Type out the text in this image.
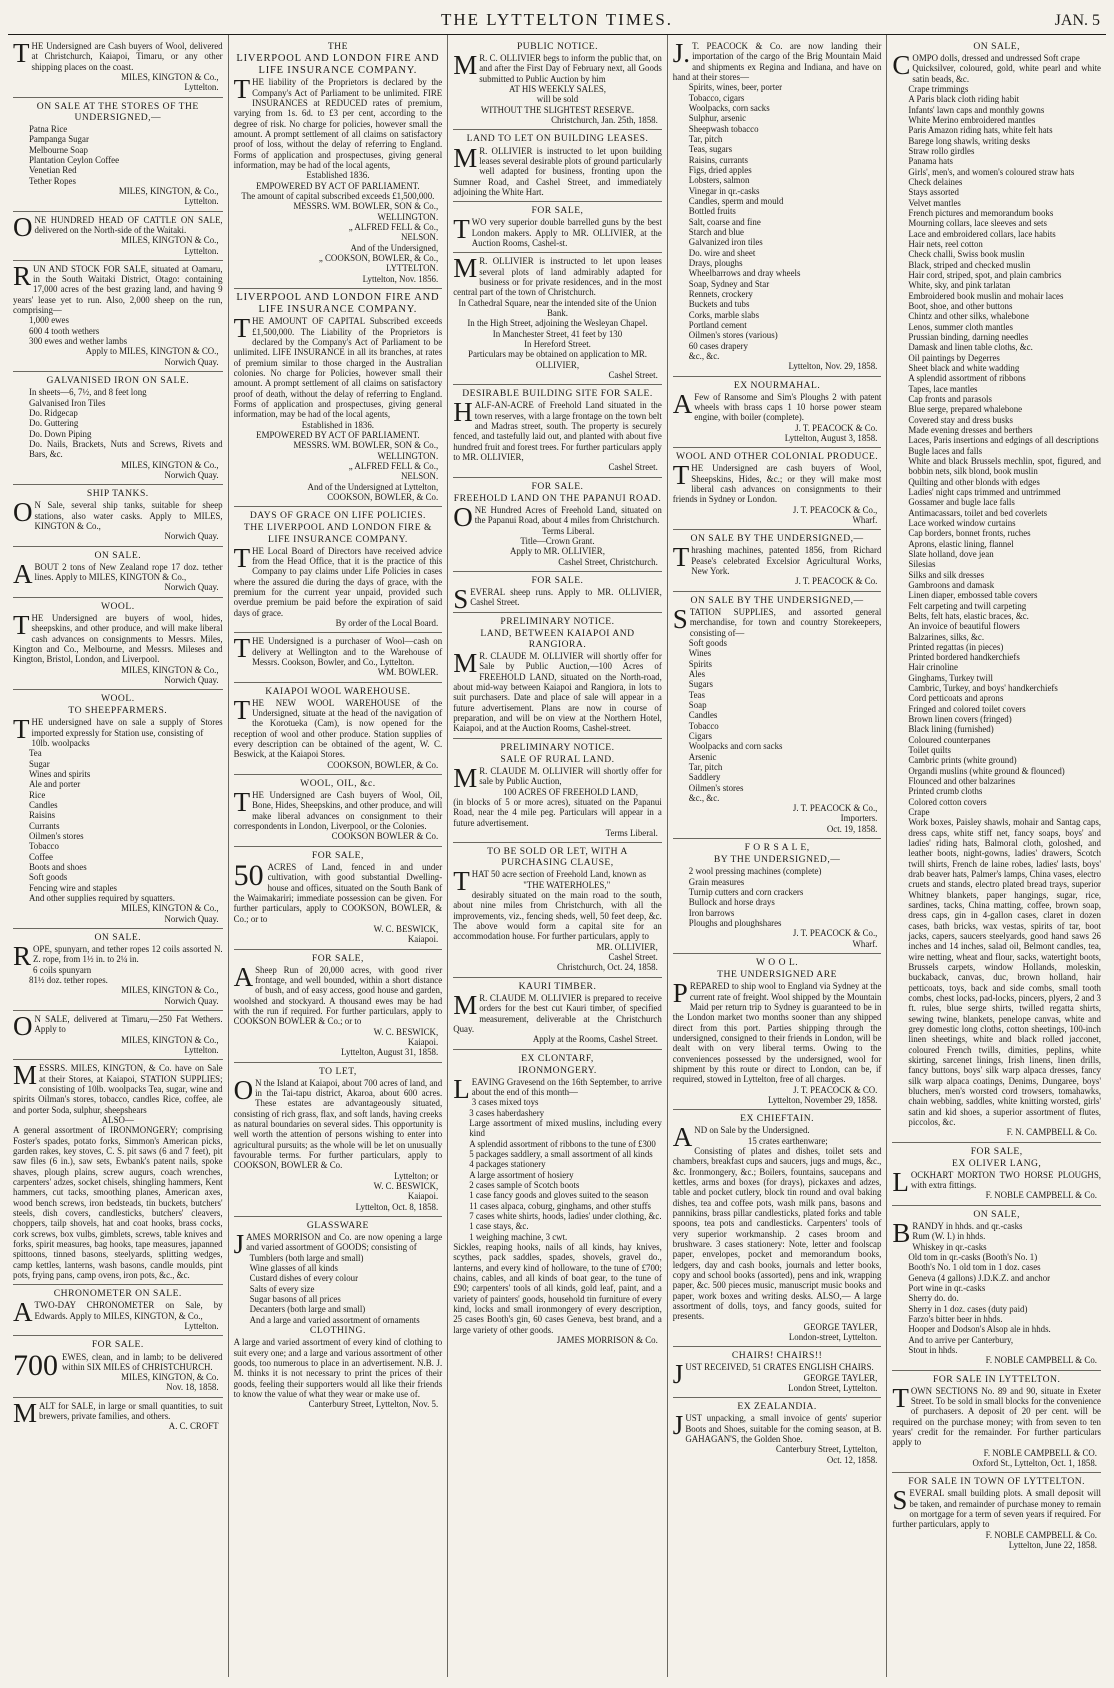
THE LYTTELTON TIMES.	JAN. 5

THE Undersigned are Cash buyers of Wool, delivered at Christchurch, Kaiapoi, Timaru, or any other shipping places on the coast.

MILES, KINGTON & Co.,

Lyttelton.

ON SALE AT THE STORES OF THE UNDERSIGNED,—

Patna Rice

Pampanga Sugar

Melbourne Soap

Plantation Ceylon Coffee

Venetian Red

Tether Ropes

MILES, KINGTON, & Co.,

Lyttelton.

ONE HUNDRED HEAD OF CATTLE ON SALE, delivered on the North-side of the Waitaki.

MILES, KINGTON & Co.,

Lyttelton.

RUN AND STOCK FOR SALE, situated at Oamaru, in the South Waitaki District, Otago: containing 17,000 acres of the best grazing land, and having 9 years' lease yet to run. Also, 2,000 sheep on the run, comprising—

1,000 ewes

600 4 tooth wethers

300 ewes and wether lambs

Apply to MILES, KINGTON & CO.,

Norwich Quay.

GALVANISED IRON ON SALE.

In sheets—6, 7½, and 8 feet long

Galvanised Iron Tiles

Do. Ridgecap

Do. Guttering

Do. Down Piping

Do. Nails, Brackets, Nuts and Screws, Rivets and Bars, &c.

MILES, KINGTON & Co.,

Norwich Quay.

SHIP TANKS.

ON Sale, several ship tanks, suitable for sheep stations, also water casks. Apply to MILES, KINGTON & Co.,

Norwich Quay.

ON SALE.

ABOUT 2 tons of New Zealand rope 17 doz. tether lines. Apply to MILES, KINGTON & Co.,

Norwich Quay.

WOOL.

THE Undersigned are buyers of wool, hides, sheepskins, and other produce, and will make liberal cash advances on consignments to Messrs. Miles, Kington and Co., Melbourne, and Messrs. Mileses and Kington, Bristol, London, and Liverpool.

MILES, KINGTON & Co.,

Norwich Quay.

WOOL.

TO SHEEPFARMERS.

THE undersigned have on sale a supply of Stores imported expressly for Station use, consisting of

10lb. woolpacks

Tea

Sugar

Wines and spirits

Ale and porter

Rice

Candles

Raisins

Currants

Oilmen's stores

Tobacco

Coffee

Boots and shoes

Soft goods

Fencing wire and staples

And other supplies required by squatters.

MILES, KINGTON & Co.,

Norwich Quay.

ON SALE.

ROPE, spunyarn, and tether ropes 12 coils assorted N. Z. rope, from 1½ in. to 2¼ in.

6 coils spunyarn

81½ doz. tether ropes.

MILES, KINGTON & Co.,

Norwich Quay.

ON SALE, delivered at Timaru,—250 Fat Wethers. Apply to

MILES, KINGTON & Co.,

Lyttelton.

MESSRS. MILES, KINGTON, & Co. have on Sale at their Stores, at Kaiapoi, STATION SUPPLIES; consisting of 10lb. woolpacks Tea, sugar, wine and spirits Oilman's stores, tobacco, candles Rice, coffee, ale and porter Soda, sulphur, sheepshears

ALSO—

A general assortment of IRONMONGERY; comprising Foster's spades, potato forks, Simmon's American picks, garden rakes, key stoves, C. S. pit saws (6 and 7 feet), pit saw files (6 in.), saw sets, Ewbank's patent nails, spoke shaves, plough plains, screw augurs, coach wrenches, carpenters' adzes, socket chisels, shingling hammers, Kent hammers, cut tacks, smoothing planes, American axes, wood bench screws, iron bedsteads, tin buckets, butchers' steels, dish covers, candlesticks, butchers' cleavers, choppers, tailp shovels, hat and coat hooks, brass cocks, cork screws, box vulbs, gimblets, screws, table knives and forks, spirit measures, bag hooks, tape measures, japanned spittoons, tinned basons, steelyards, splitting wedges, camp kettles, lanterns, wash basons, candle moulds, pint pots, frying pans, camp ovens, iron pots, &c., &c.

CHRONOMETER ON SALE.

ATWO-DAY CHRONOMETER on Sale, by Edwards. Apply to MILES, KINGTON, & Co.,

Lyttelton.

FOR SALE.

700 EWES, clean, and in lamb; to be delivered within SIX MILES of CHRISTCHURCH.

MILES, KINGTON, & Co.

Nov. 18, 1858.

MALT for SALE, in large or small quantities, to suit brewers, private families, and others.

A. C. CROFT

THE

LIVERPOOL AND LONDON FIRE AND LIFE INSURANCE COMPANY.

THE liability of the Proprietors is declared by the Company's Act of Parliament to be unlimited. FIRE INSURANCES at REDUCED rates of premium, varying from 1s. 6d. to £3 per cent, according to the degree of risk. No charge for policies, however small the amount. A prompt settlement of all claims on satisfactory proof of loss, without the delay of referring to England. Forms of application and prospectuses, giving general information, may be had of the local agents,

Established 1836.

EMPOWERED BY ACT OF PARLIAMENT.

The amount of capital subscribed exceeds £1,500,000.

MESSRS. WM. BOWLER, SON & Co.,

WELLINGTON.

„ ALFRED FELL & Co.,

NELSON.

And of the Undersigned,

„ COOKSON, BOWLER, & Co.,

LYTTELTON.

Lyttelton, Nov. 1856.

LIVERPOOL AND LONDON FIRE AND LIFE INSURANCE COMPANY.

THE AMOUNT OF CAPITAL Subscribed exceeds £1,500,000. The Liability of the Proprietors is declared by the Company's Act of Parliament to be unlimited. LIFE INSURANCE in all its branches, at rates of premium similar to those charged in the Australian colonies. No charge for Policies, however small their amount. A prompt settlement of all claims on satisfactory proof of death, without the delay of referring to England. Forms of application and prospectuses, giving general information, may be had of the local agents,

Established in 1836.

EMPOWERED BY ACT OF PARLIAMENT.

MESSRS. WM. BOWLER, SON & Co.,

WELLINGTON.

„ ALFRED FELL & Co.,

NELSON.

And of the Undersigned at Lyttelton,

COOKSON, BOWLER, & Co.

DAYS OF GRACE ON LIFE POLICIES.

THE LIVERPOOL AND LONDON FIRE & LIFE INSURANCE COMPANY.

THE Local Board of Directors have received advice from the Head Office, that it is the practice of this Company to pay claims under Life Policies in cases where the assured die during the days of grace, with the premium for the current year unpaid, provided such overdue premium be paid before the expiration of said days of grace.

By order of the Local Board.

THE Undersigned is a purchaser of Wool—cash on delivery at Wellington and to the Warehouse of Messrs. Cookson, Bowler, and Co., Lyttelton.

WM. BOWLER.

KAIAPOI WOOL WAREHOUSE.

THE NEW WOOL WAREHOUSE of the Undersigned, situate at the head of the navigation of the Korotueka (Cam), is now opened for the reception of wool and other produce. Station supplies of every description can be obtained of the agent, W. C. Beswick, at the Kaiapoi Stores.

COOKSON, BOWLER, & Co.

WOOL, OIL, &c.

THE Undersigned are Cash buyers of Wool, Oil, Bone, Hides, Sheepskins, and other produce, and will make liberal advances on consignment to their correspondents in London, Liverpool, or the Colonies.

COOKSON BOWLER & Co.

FOR SALE,

50 ACRES of Land, fenced in and under cultivation, with good substantial Dwelling-house and offices, situated on the South Bank of the Waimakariri; immediate possession can be given. For further particulars, apply to COOKSON, BOWLER, & Co.; or to

W. C. BESWICK,

Kaiapoi.

FOR SALE,

ASheep Run of 20,000 acres, with good river frontage, and well bounded, within a short distance of bush, and of easy access, good house and garden, woolshed and stockyard. A thousand ewes may be had with the run if required. For further particulars, apply to COOKSON BOWLER & Co.; or to

W. C. BESWICK,

Kaiapoi.

Lyttelton, August 31, 1858.

TO LET,

ON the Island at Kaiapoi, about 700 acres of land, and in the Tai-tapu district, Akaroa, about 600 acres. These estates are advantageously situated, consisting of rich grass, flax, and soft lands, having creeks as natural boundaries on several sides. This opportunity is well worth the attention of persons wishing to enter into agricultural pursuits; as the whole will be let on unusually favourable terms. For further particulars, apply to COOKSON, BOWLER & Co.

Lyttelton; or

W. C. BESWICK,

Kaiapoi.

Lyttelton, Oct. 8, 1858.

GLASSWARE

JAMES MORRISON and Co. are now opening a large and varied assortment of GOODS; consisting of

Tumblers (both large and small)

Wine glasses of all kinds

Custard dishes of every colour

Salts of every size

Sugar basons of all prices

Decanters (both large and small)

And a large and varied assortment of ornaments

CLOTHING.

A large and varied assortment of every kind of clothing to suit every one; and a large and various assortment of other goods, too numerous to place in an advertisement. N.B. J. M. thinks it is not necessary to print the prices of their goods, feeling their supporters would all like their friends to know the value of what they wear or make use of.

Canterbury Street, Lyttelton, Nov. 5.

PUBLIC NOTICE.

MR. C. OLLIVIER begs to inform the public that, on and after the First Day of February next, all Goods submitted to Public Auction by him

AT HIS WEEKLY SALES,

will be sold

WITHOUT THE SLIGHTEST RESERVE.

Christchurch, Jan. 25th, 1858.

LAND TO LET ON BUILDING LEASES.

MR. OLLIVIER is instructed to let upon building leases several desirable plots of ground particularly well adapted for business, fronting upon the Sumner Road, and Cashel Street, and immediately adjoining the White Hart.

FOR SALE,

TWO very superior double barrelled guns by the best London makers. Apply to MR. OLLIVIER, at the Auction Rooms, Cashel-st.

MR. OLLIVIER is instructed to let upon leases several plots of land admirably adapted for business or for private residences, and in the most central part of the town of Christchurch.

In Cathedral Square, near the intended site of the Union Bank.

In the High Street, adjoining the Wesleyan Chapel.

In Manchester Street, 41 feet by 130

In Hereford Street.

Particulars may be obtained on application to MR. OLLIVIER,

Cashel Street.

DESIRABLE BUILDING SITE FOR SALE.

HALF-AN-ACRE of Freehold Land situated in the town reserves, with a large frontage on the town belt and Madras street, south. The property is securely fenced, and tastefully laid out, and planted with about five hundred fruit and forest trees. For further particulars apply to MR. OLLIVIER,

Cashel Street.

FOR SALE.

FREEHOLD LAND ON THE PAPANUI ROAD.

ONE Hundred Acres of Freehold Land, situated on the Papanui Road, about 4 miles from Christchurch.

Terms Liberal.

Title—Crown Grant.

Apply to MR. OLLIVIER,

Cashel Street, Christchurch.

FOR SALE.

SEVERAL sheep runs. Apply to MR. OLLIVIER, Cashel Street.

PRELIMINARY NOTICE.

LAND, BETWEEN KAIAPOI AND RANGIORA.

MR. CLAUDE M. OLLIVIER will shortly offer for Sale by Public Auction,—100 Acres of FREEHOLD LAND, situated on the North-road, about mid-way between Kaiapoi and Rangiora, in lots to suit purchasers. Date and place of sale will appear in a future advertisement. Plans are now in course of preparation, and will be on view at the Northern Hotel, Kaiapoi, and at the Auction Rooms, Cashel-street.

PRELIMINARY NOTICE.

SALE OF RURAL LAND.

MR. CLAUDE M. OLLIVIER will shortly offer for sale by Public Auction,

100 ACRES OF FREEHOLD LAND,

(in blocks of 5 or more acres), situated on the Papanui Road, near the 4 mile peg. Particulars will appear in a future advertisement.

Terms Liberal.

TO BE SOLD OR LET, WITH A PURCHASING CLAUSE,

THAT 50 acre section of Freehold Land, known as

"THE WATERHOLES,"

desirably situated on the main road to the south, about nine miles from Christchurch, with all the improvements, viz., fencing sheds, well, 50 feet deep, &c. The above would form a capital site for an accommodation house. For further particulars, apply to

MR. OLLIVIER,

Cashel Street.

Christchurch, Oct. 24, 1858.

KAURI TIMBER.

MR. CLAUDE M. OLLIVIER is prepared to receive orders for the best cut Kauri timber, of specified measurement, deliverable at the Christchurch Quay.

Apply at the Rooms, Cashel Street.

EX CLONTARF,

IRONMONGERY.

LEAVING Gravesend on the 16th September, to arrive about the end of this month—

3 cases mixed toys

3 cases haberdashery

Large assortment of mixed muslins, including every kind

A splendid assortment of ribbons to the tune of £300

5 packages saddlery, a small assortment of all kinds

4 packages stationery

A large assortment of hosiery

2 cases sample of Scotch boots

1 case fancy goods and gloves suited to the season

11 cases alpaca, coburg, ginghams, and other stuffs

7 cases white shirts, hoods, ladies' under clothing, &c.

1 case stays, &c.

1 weighing machine, 3 cwt.

Sickles, reaping hooks, nails of all kinds, hay knives, scythes, pack saddles, spades, shovels, gravel do., lanterns, and every kind of holloware, to the tune of £700; chains, cables, and all kinds of boat gear, to the tune of £90; carpenters' tools of all kinds, gold leaf, paint, and a variety of painters' goods, household tin furniture of every kind, locks and small ironmongery of every description, 25 cases Booth's gin, 60 cases Geneva, best brand, and a large variety of other goods.

JAMES MORRISON & Co.

J.T. PEACOCK & Co. are now landing their importation of the cargo of the Brig Mountain Maid and shipments ex Regina and Indiana, and have on hand at their stores—

Spirits, wines, beer, porter

Tobacco, cigars

Woolpacks, corn sacks

Sulphur, arsenic

Sheepwash tobacco

Tar, pitch

Teas, sugars

Raisins, currants

Figs, dried apples

Lobsters, salmon

Vinegar in qr.-casks

Candles, sperm and mould

Bottled fruits

Salt, coarse and fine

Starch and blue

Galvanized iron tiles

Do. wire and sheet

Drays, ploughs

Wheelbarrows and dray wheels

Soap, Sydney and Star

Rennets, crockery

Buckets and tubs

Corks, marble slabs

Portland cement

Oilmen's stores (various)

60 cases drapery

&c., &c.

Lyttelton, Nov. 29, 1858.

EX NOURMAHAL.

AFew of Ransome and Sim's Ploughs 2 with patent wheels with brass caps 1 10 horse power steam engine, with boiler (complete).

J. T. PEACOCK & Co.

Lyttelton, August 3, 1858.

WOOL AND OTHER COLONIAL PRODUCE.

THE Undersigned are cash buyers of Wool, Sheepskins, Hides, &c.; or they will make most liberal cash advances on consignments to their friends in Sydney or London.

J. T. PEACOCK & Co.,

Wharf.

ON SALE BY THE UNDERSIGNED,—

Thrashing machines, patented 1856, from Richard Pease's celebrated Excelsior Agricultural Works, New York.

J. T. PEACOCK & Co.

ON SALE BY THE UNDERSIGNED,—

STATION SUPPLIES, and assorted general merchandise, for town and country Storekeepers, consisting of—

Soft goods

Wines

Spirits

Ales

Sugars

Teas

Soap

Candles

Tobacco

Cigars

Woolpacks and corn sacks

Arsenic

Tar, pitch

Saddlery

Oilmen's stores

&c., &c.

J. T. PEACOCK & Co.,

Importers.

Oct. 19, 1858.

F O R S A L E,

BY THE UNDERSIGNED,—

2 wool pressing machines (complete)

Grain measures

Turnip cutters and corn crackers

Bullock and horse drays

Iron barrows

Ploughs and ploughshares

J. T. PEACOCK & Co.,

Wharf.

W O O L.

THE UNDERSIGNED ARE

PREPARED to ship wool to England via Sydney at the current rate of freight. Wool shipped by the Mountain Maid per return trip to Sydney is guaranteed to be in the London market two months sooner than any shipped direct from this port. Parties shipping through the undersigned, consigned to their friends in London, will be dealt with on very liberal terms. Owing to the conveniences possessed by the undersigned, wool for shipment by this route or direct to London, can be, if required, stowed in Lyttelton, free of all charges.

J. T. PEACOCK & CO.

Lyttelton, November 29, 1858.

EX CHIEFTAIN.

AND on Sale by the Undersigned.

15 crates earthenware;

Consisting of plates and dishes, toilet sets and chambers, breakfast cups and saucers, jugs and mugs, &c., &c. Ironmongery, &c.; Boilers, fountains, saucepans and kettles, arms and boxes (for drays), pickaxes and adzes, table and pocket cutlery, block tin round and oval baking dishes, tea and coffee pots, wash milk pans, basons and pannikins, brass pillar candlesticks, plated forks and table spoons, tea pots and candlesticks. Carpenters' tools of very superior workmanship. 2 cases broom and brushware. 3 cases stationery: Note, letter and foolscap paper, envelopes, pocket and memorandum books, ledgers, day and cash books, journals and letter books, copy and school books (assorted), pens and ink, wrapping paper, &c. 500 pieces music, manuscript music books and paper, work boxes and writing desks. ALSO,— A large assortment of dolls, toys, and fancy goods, suited for presents.

GEORGE TAYLER,

London-street, Lyttelton.

CHAIRS! CHAIRS!!

JUST RECEIVED, 51 CRATES ENGLISH CHAIRS.

GEORGE TAYLER,

London Street, Lyttelton.

EX ZEALANDIA.

JUST unpacking, a small invoice of gents' superior Boots and Shoes, suitable for the coming season, at B. GAHAGAN'S, the Golden Shoe.

Canterbury Street, Lyttelton,

Oct. 12, 1858.

ON SALE,

COMPO dolls, dressed and undressed Soft crape

Quicksilver, coloured, gold, white pearl and white satin beads, &c.

Crape trimmings

A Paris black cloth riding habit

Infants' lawn caps and monthly gowns

White Merino embroidered mantles

Paris Amazon riding hats, white felt hats

Barege long shawls, writing desks

Straw rollo girdles

Panama hats

Girls', men's, and women's coloured straw hats

Check delaines

Stays assorted

Velvet mantles

French pictures and memorandum books

Mourning collars, lace sleeves and sets

Lace and embroidered collars, lace habits

Hair nets, reel cotton

Check challi, Swiss book muslin

Black, striped and checked muslin

Hair cord, striped, spot, and plain cambrics

White, sky, and pink tarlatan

Embroidered book muslin and mohair laces

Boot, shoe, and other buttons

Chintz and other silks, whalebone

Lenos, summer cloth mantles

Prussian binding, darning needles

Damask and linen table cloths, &c.

Oil paintings by Degerres

Sheet black and white wadding

A splendid assortment of ribbons

Tapes, lace mantles

Cap fronts and parasols

Blue serge, prepared whalebone

Covered stay and dress busks

Made evening dresses and berthers

Laces, Paris insertions and edgings of all descriptions

Bugle laces and falls

White and black Brussels mechlin, spot, figured, and bobbin nets, silk blond, book muslin

Quilting and other blonds with edges

Ladies' night caps trimmed and untrimmed

Gossamer and bugle lace falls

Antimacassars, toilet and bed coverlets

Lace worked window curtains

Cap borders, bonnet fronts, ruches

Aprons, elastic lining, flannel

Slate holland, dove jean

Silesias

Silks and silk dresses

Gambroons and damask

Linen diaper, embossed table covers

Felt carpeting and twill carpeting

Belts, felt hats, elastic braces, &c.

An invoice of beautiful flowers

Balzarines, silks, &c.

Printed regattas (in pieces)

Printed bordered handkerchiefs

Hair crinoline

Ginghams, Turkey twill

Cambric, Turkey, and boys' handkerchiefs

Cord petticoats and aprons

Fringed and colored toilet covers

Brown linen covers (fringed)

Black lining (furnished)

Coloured counterpanes

Toilet quilts

Cambric prints (white ground)

Organdi muslins (white ground & flounced)

Flounced and other balzarines

Printed crumb cloths

Colored cotton covers

Crape

Work boxes, Paisley shawls, mohair and Santag caps, dress caps, white stiff net, fancy soaps, boys' and ladies' riding hats, Balmoral cloth, goloshed, and leather boots, night-gowns, ladies' drawers, Scotch twill shirts, French de laine robes, ladies' lasts, boys' drab beaver hats, Palmer's lamps, China vases, electro cruets and stands, electro plated bread trays, superior Whitney blankets, paper hangings, sugar, rice, sardines, tacks, China matting, coffee, brown soap, dress caps, gin in 4-gallon cases, claret in dozen cases, bath bricks, wax vestas, spirits of tar, boot jacks, capers, saucers steelyards, good hand saws 26 inches and 14 inches, salad oil, Belmont candles, tea, wire netting, wheat and flour, sacks, watertight boots, Brussels carpets, window Hollands, moleskin, buckaback, canvas, duc, brown holland, hair petticoats, toys, back and side combs, small tooth combs, chest locks, pad-locks, pincers, plyers, 2 and 3 ft. rules, blue serge shirts, twilled regatta shirts, sewing twine, blankets, penelope canvas, white and grey domestic long cloths, cotton sheetings, 100-inch linen sheetings, white and black rolled jacconet, coloured French twills, dimities, peplins, white skirting, sarcenet linings, Irish linens, linen drills, fancy buttons, boys' silk warp alpaca dresses, fancy silk warp alpaca coatings, Denims, Dungaree, boys' bluchers, men's worsted cord trowsers, tomahawks, chain webbing, saddles, white knitting worsted, girls' satin and kid shoes, a superior assortment of flutes, piccolos, &c.

F. N. CAMPBELL & Co.

FOR SALE,

EX OLIVER LANG,

LOCKHART MORTON TWO HORSE PLOUGHS, with extra fittings.

F. NOBLE CAMPBELL & Co.

ON SALE,

BRANDY in hhds. and qr.-casks

Rum (W. I.) in hhds.

Whiskey in qr.-casks

Old tom in qr.-casks (Booth's No. 1)

Booth's No. 1 old tom in 1 doz. cases

Geneva (4 gallons) J.D.K.Z. and anchor

Port wine in qr.-casks

Sherry do. do.

Sherry in 1 doz. cases (duty paid)

Farzo's bitter beer in hhds.

Hooper and Dodson's Alsop ale in hhds.

And to arrive per Canterbury,

Stout in hhds.

F. NOBLE CAMPBELL & Co.

FOR SALE IN LYTTELTON.

TOWN SECTIONS No. 89 and 90, situate in Exeter Street. To be sold in small blocks for the convenience of purchasers. A deposit of 20 per cent. will be required on the purchase money; with from seven to ten years' credit for the remainder. For further particulars apply to

F. NOBLE CAMPBELL & CO.

Oxford St., Lyttelton, Oct. 1, 1858.

FOR SALE IN TOWN OF LYTTELTON.

SEVERAL small building plots. A small deposit will be taken, and remainder of purchase money to remain on mortgage for a term of seven years if required. For further particulars, apply to

F. NOBLE CAMPBELL & Co.

Lyttelton, June 22, 1858.
